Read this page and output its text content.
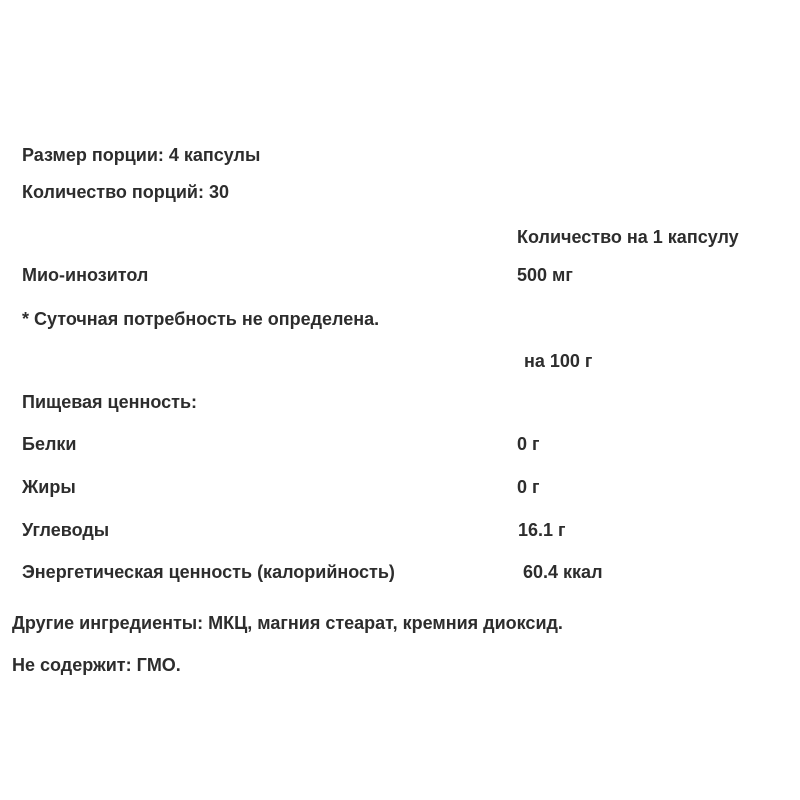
Размер порции: 4 капсулы
Количество порций: 30
Количество на 1 капсулу
Мио-инозитол	500 мг
* Суточная потребность не определена.
на 100 г
Пищевая ценность:
Белки	0 г
Жиры	0 г
Углеводы	16.1 г
Энергетическая ценность (калорийность)	60.4 ккал
Другие ингредиенты: МКЦ, магния стеарат, кремния диоксид.
Не содержит: ГМО.
